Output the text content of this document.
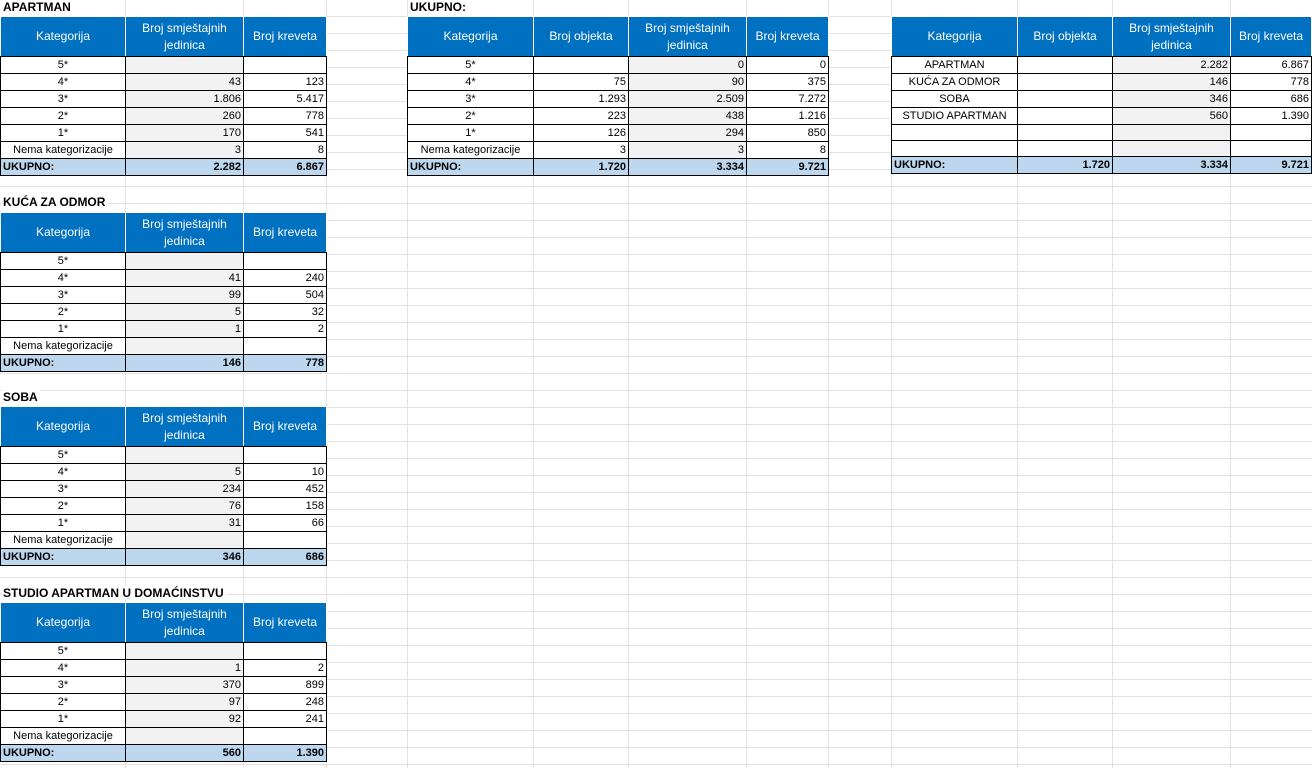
APARTMAN
Kategorija	Broj smještajnih jedinica	Broj kreveta
5*		
4*	43	123
3*	1.806	5.417
2*	260	778
1*	170	541
Nema kategorizacije	3	8
UKUPNO:	2.282	6.867
KUĆA ZA ODMOR
Kategorija	Broj smještajnih jedinica	Broj kreveta
5*		
4*	41	240
3*	99	504
2*	5	32
1*	1	2
Nema kategorizacije		
UKUPNO:	146	778
SOBA
Kategorija	Broj smještajnih jedinica	Broj kreveta
5*		
4*	5	10
3*	234	452
2*	76	158
1*	31	66
Nema kategorizacije		
UKUPNO:	346	686
STUDIO APARTMAN U DOMAĆINSTVU
Kategorija	Broj smještajnih jedinica	Broj kreveta
5*		
4*	1	2
3*	370	899
2*	97	248
1*	92	241
Nema kategorizacije		
UKUPNO:	560	1.390
UKUPNO:
Kategorija	Broj objekta	Broj smještajnih jedinica	Broj kreveta
5*		0	0
4*	75	90	375
3*	1.293	2.509	7.272
2*	223	438	1.216
1*	126	294	850
Nema kategorizacije	3	3	8
UKUPNO:	1.720	3.334	9.721
Kategorija	Broj objekta	Broj smještajnih jedinica	Broj kreveta
APARTMAN		2.282	6.867
KUĆA ZA ODMOR		146	778
SOBA		346	686
STUDIO APARTMAN		560	1.390

UKUPNO:	1.720	3.334	9.721
